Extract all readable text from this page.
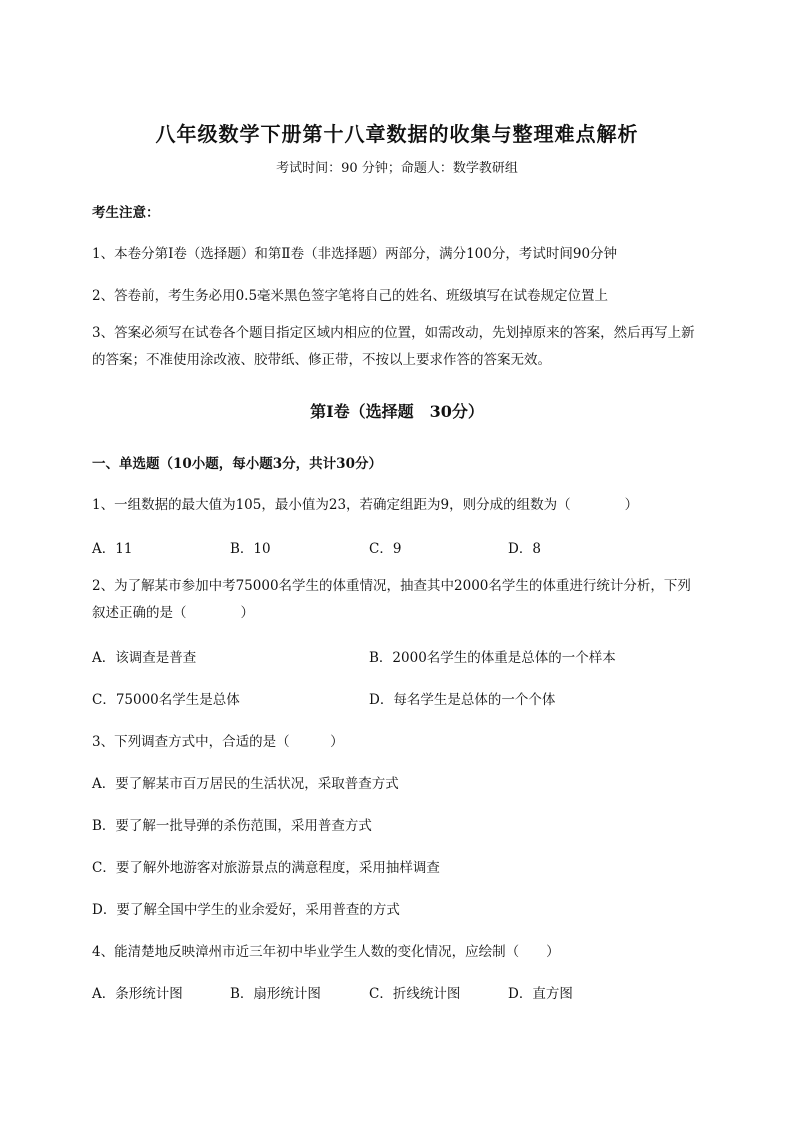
八年级数学下册第十八章数据的收集与整理难点解析
考试时间：90 分钟；命题人：数学教研组
考生注意：
1、本卷分第Ⅰ卷（选择题）和第Ⅱ卷（非选择题）两部分，满分100分，考试时间90分钟
2、答卷前，考生务必用0.5毫米黑色签字笔将自己的姓名、班级填写在试卷规定位置上
3、答案必须写在试卷各个题目指定区域内相应的位置，如需改动，先划掉原来的答案，然后再写上新的答案；不准使用涂改液、胶带纸、修正带，不按以上要求作答的答案无效。
第Ⅰ卷（选择题　30分）
一、单选题（10小题，每小题3分，共计30分）
1、一组数据的最大值为105，最小值为23，若确定组距为9，则分成的组数为（　　　　）
A．11	B．10	C．9	D．8
2、为了解某市参加中考75000名学生的体重情况，抽查其中2000名学生的体重进行统计分析，下列叙述正确的是（　　　　）
A．该调查是普查	B．2000名学生的体重是总体的一个样本
C．75000名学生是总体	D．每名学生是总体的一个个体
3、下列调查方式中，合适的是（　　　）
A．要了解某市百万居民的生活状况，采取普查方式
B．要了解一批导弹的杀伤范围，采用普查方式
C．要了解外地游客对旅游景点的满意程度，采用抽样调查
D．要了解全国中学生的业余爱好，采用普查的方式
4、能清楚地反映漳州市近三年初中毕业学生人数的变化情况，应绘制（　　）
A．条形统计图	B．扇形统计图	C．折线统计图	D．直方图
